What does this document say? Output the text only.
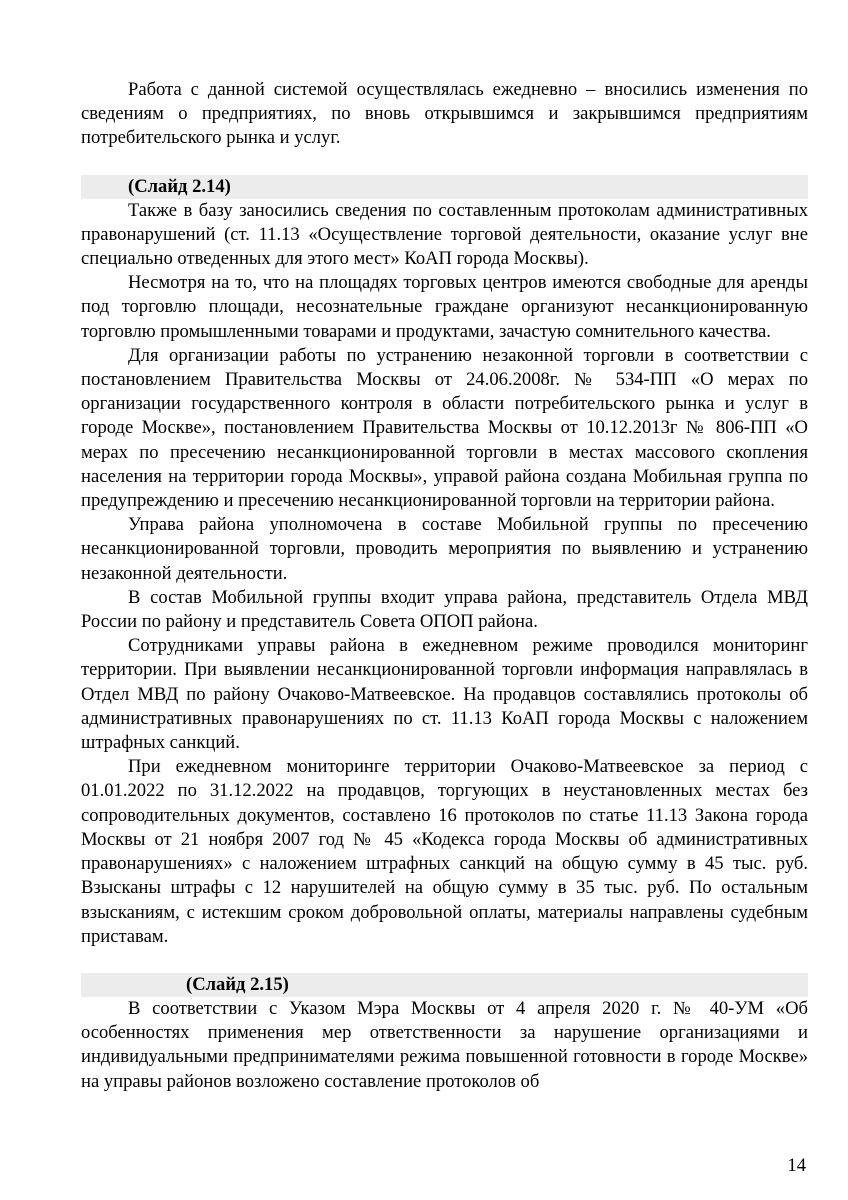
Работа с данной системой осуществлялась ежедневно – вносились изменения по сведениям о предприятиях, по вновь открывшимся и закрывшимся предприятиям потребительского рынка и услуг.

(Слайд 2.14)

Также в базу заносились сведения по составленным протоколам административных правонарушений (ст. 11.13 «Осуществление торговой деятельности, оказание услуг вне специально отведенных для этого мест» КоАП города Москвы).

Несмотря на то, что на площадях торговых центров имеются свободные для аренды под торговлю площади, несознательные граждане организуют несанкционированную торговлю промышленными товарами и продуктами, зачастую сомнительного качества.

Для организации работы по устранению незаконной торговли в соответствии с постановлением Правительства Москвы от 24.06.2008г. № 534-ПП «О мерах по организации государственного контроля в области потребительского рынка и услуг в городе Москве», постановлением Правительства Москвы от 10.12.2013г № 806-ПП «О мерах по пресечению несанкционированной торговли в местах массового скопления населения на территории города Москвы», управой района создана Мобильная группа по предупреждению и пресечению несанкционированной торговли на территории района.

Управа района уполномочена в составе Мобильной группы по пресечению несанкционированной торговли, проводить мероприятия по выявлению и устранению незаконной деятельности.

В состав Мобильной группы входит управа района, представитель Отдела МВД России по району и представитель Совета ОПОП района.

Сотрудниками управы района в ежедневном режиме проводился мониторинг территории. При выявлении несанкционированной торговли информация направлялась в Отдел МВД по району Очаково-Матвеевское. На продавцов составлялись протоколы об административных правонарушениях по ст. 11.13 КоАП города Москвы с наложением штрафных санкций.

При ежедневном мониторинге территории Очаково-Матвеевское за период с 01.01.2022 по 31.12.2022 на продавцов, торгующих в неустановленных местах без сопроводительных документов, составлено 16 протоколов по статье 11.13 Закона города Москвы от 21 ноября 2007 год № 45 «Кодекса города Москвы об административных правонарушениях» с наложением штрафных санкций на общую сумму в 45 тыс. руб. Взысканы штрафы с 12 нарушителей на общую сумму в 35 тыс. руб. По остальным взысканиям, с истекшим сроком добровольной оплаты, материалы направлены судебным приставам.

(Слайд 2.15)

В соответствии с Указом Мэра Москвы от 4 апреля 2020 г. № 40-УМ «Об особенностях применения мер ответственности за нарушение организациями и индивидуальными предпринимателями режима повышенной готовности в городе Москве» на управы районов возложено составление протоколов об

14
